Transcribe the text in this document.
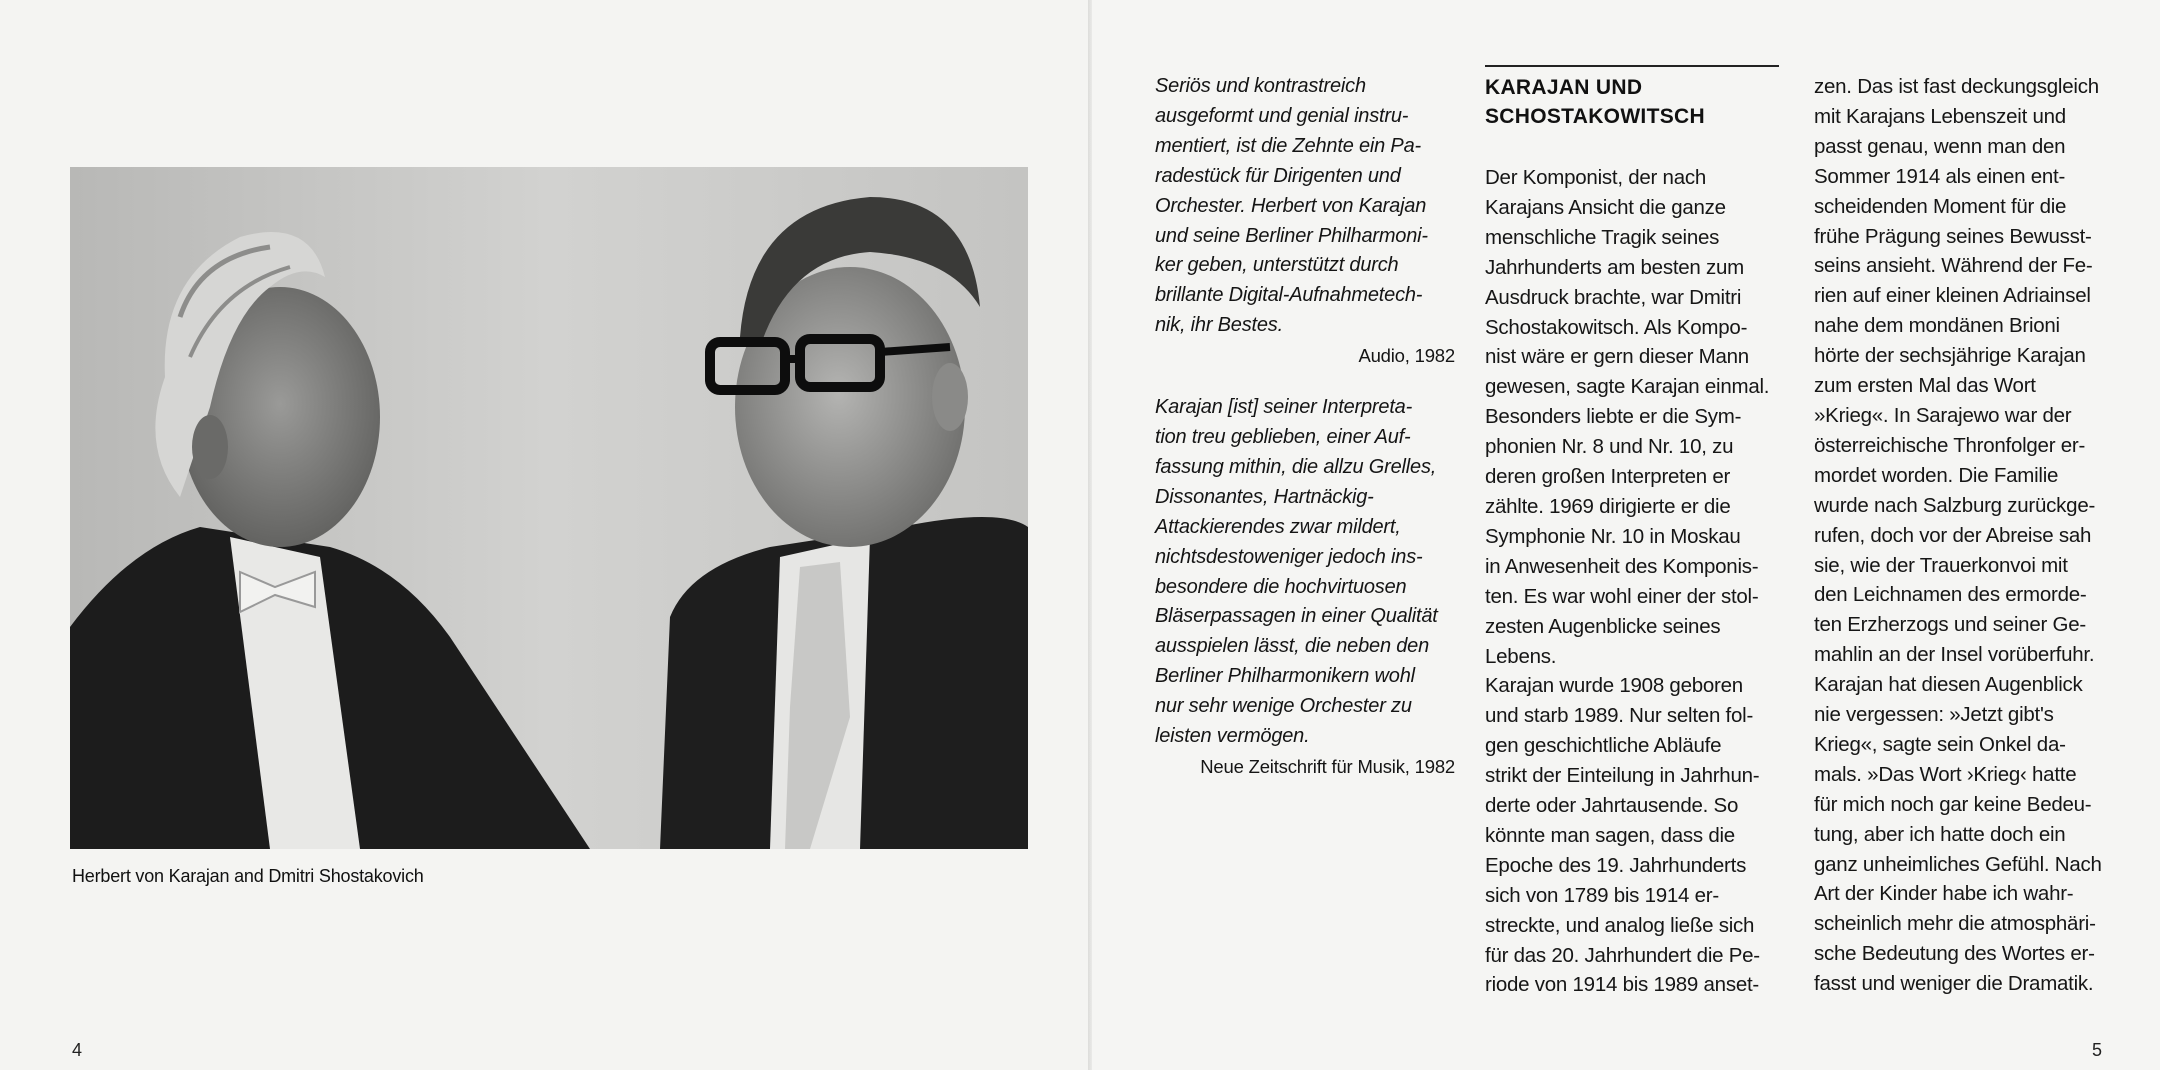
Herbert von Karajan and Dmitri Shostakovich
4

Seriös und kontrastreich
ausgeformt und genial instru-
mentiert, ist die Zehnte ein Pa-
radestück für Dirigenten und
Orchester. Herbert von Karajan
und seine Berliner Philharmoni-
ker geben, unterstützt durch
brillante Digital-Aufnahmetech-
nik, ihr Bestes.

Audio, 1982

Karajan [ist] seiner Interpreta-
tion treu geblieben, einer Auf-
fassung mithin, die allzu Grelles,
Dissonantes, Hartnäckig-
Attackierendes zwar mildert,
nichtsdestoweniger jedoch ins-
besondere die hochvirtuosen
Bläserpassagen in einer Qualität
ausspielen lässt, die neben den
Berliner Philharmonikern wohl
nur sehr wenige Orchester zu
leisten vermögen.

Neue Zeitschrift für Musik, 1982

KARAJAN UND
SCHOSTAKOWITSCH

Der Komponist, der nach
Karajans Ansicht die ganze
menschliche Tragik seines
Jahrhunderts am besten zum
Ausdruck brachte, war Dmitri
Schostakowitsch. Als Kompo-
nist wäre er gern dieser Mann
gewesen, sagte Karajan einmal.
Besonders liebte er die Sym-
phonien Nr. 8 und Nr. 10, zu
deren großen Interpreten er
zählte. 1969 dirigierte er die
Symphonie Nr. 10 in Moskau
in Anwesenheit des Komponis-
ten. Es war wohl einer der stol-
zesten Augenblicke seines
Lebens.
Karajan wurde 1908 geboren
und starb 1989. Nur selten fol-
gen geschichtliche Abläufe
strikt der Einteilung in Jahrhun-
derte oder Jahrtausende. So
könnte man sagen, dass die
Epoche des 19. Jahrhunderts
sich von 1789 bis 1914 er-
streckte, und analog ließe sich
für das 20. Jahrhundert die Pe-
riode von 1914 bis 1989 anset-

zen. Das ist fast deckungsgleich
mit Karajans Lebenszeit und
passt genau, wenn man den
Sommer 1914 als einen ent-
scheidenden Moment für die
frühe Prägung seines Bewusst-
seins ansieht. Während der Fe-
rien auf einer kleinen Adriainsel
nahe dem mondänen Brioni
hörte der sechsjährige Karajan
zum ersten Mal das Wort
»Krieg«. In Sarajewo war der
österreichische Thronfolger er-
mordet worden. Die Familie
wurde nach Salzburg zurückge-
rufen, doch vor der Abreise sah
sie, wie der Trauerkonvoi mit
den Leichnamen des ermorde-
ten Erzherzogs und seiner Ge-
mahlin an der Insel vorüberfuhr.
Karajan hat diesen Augenblick
nie vergessen: »Jetzt gibt's
Krieg«, sagte sein Onkel da-
mals. »Das Wort ›Krieg‹ hatte
für mich noch gar keine Bedeu-
tung, aber ich hatte doch ein
ganz unheimliches Gefühl. Nach
Art der Kinder habe ich wahr-
scheinlich mehr die atmosphäri-
sche Bedeutung des Wortes er-
fasst und weniger die Dramatik.

5
